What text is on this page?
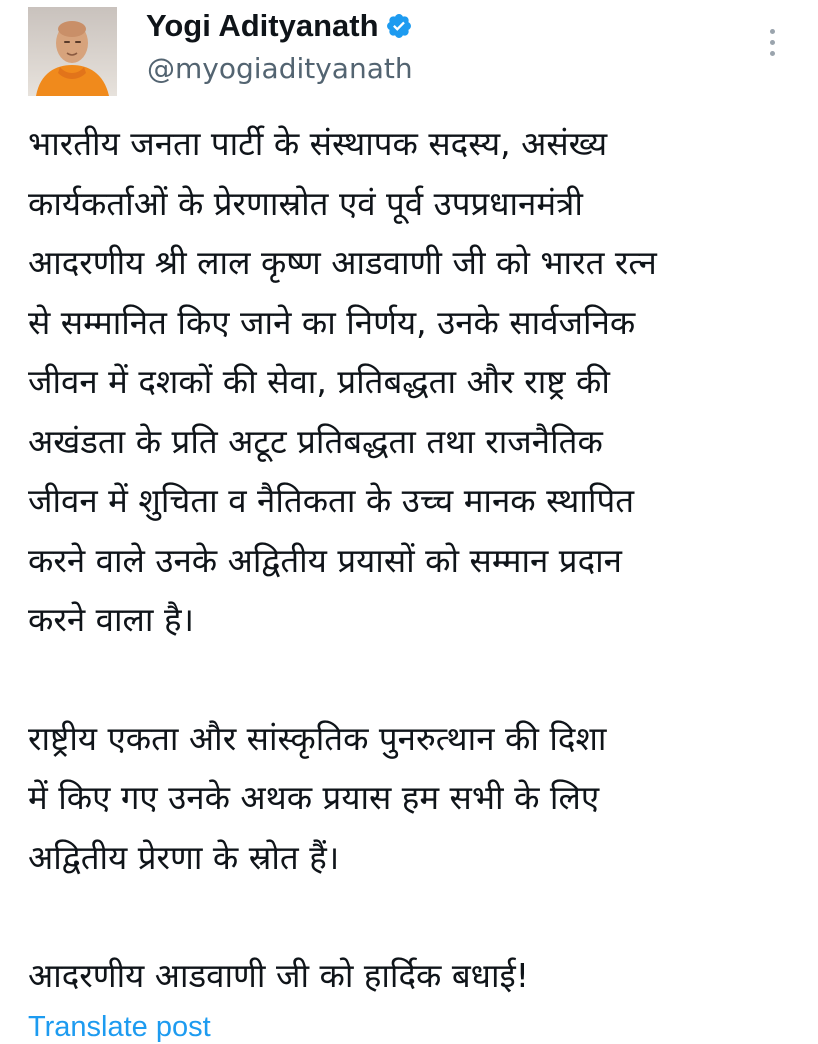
Yogi Adityanath
@myogiadityanath

भारतीय जनता पार्टी के संस्थापक सदस्य, असंख्य
कार्यकर्ताओं के प्रेरणास्रोत एवं पूर्व उपप्रधानमंत्री
आदरणीय श्री लाल कृष्ण आडवाणी जी को भारत रत्न
से सम्मानित किए जाने का निर्णय, उनके सार्वजनिक
जीवन में दशकों की सेवा, प्रतिबद्धता और राष्ट्र की
अखंडता के प्रति अटूट प्रतिबद्धता तथा राजनैतिक
जीवन में शुचिता व नैतिकता के उच्च मानक स्थापित
करने वाले उनके अद्वितीय प्रयासों को सम्मान प्रदान
करने वाला है।

राष्ट्रीय एकता और सांस्कृतिक पुनरुत्थान की दिशा
में किए गए उनके अथक प्रयास हम सभी के लिए
अद्वितीय प्रेरणा के स्रोत हैं।

आदरणीय आडवाणी जी को हार्दिक बधाई!

Translate post
